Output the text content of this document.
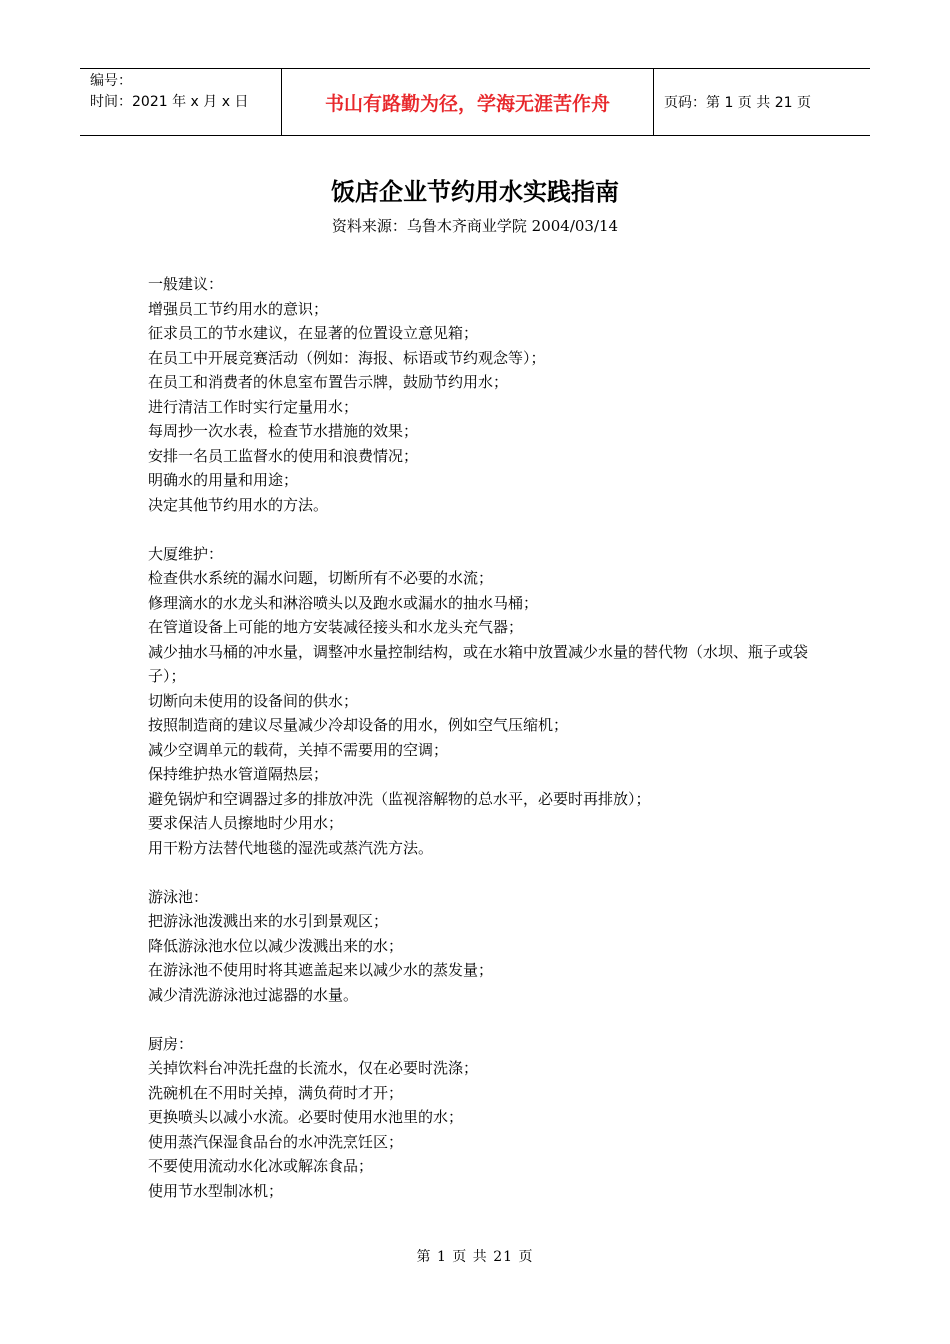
编号：
时间：2021 年 x 月 x 日	书山有路勤为径，学海无涯苦作舟	页码：第 1 页 共 21 页
饭店企业节约用水实践指南
资料来源：乌鲁木齐商业学院 2004/03/14
一般建议：
增强员工节约用水的意识；
征求员工的节水建议，在显著的位置设立意见箱；
在员工中开展竞赛活动（例如：海报、标语或节约观念等）；
在员工和消费者的休息室布置告示牌，鼓励节约用水；
进行清洁工作时实行定量用水；
每周抄一次水表，检查节水措施的效果；
安排一名员工监督水的使用和浪费情况；
明确水的用量和用途；
决定其他节约用水的方法。
大厦维护：
检查供水系统的漏水问题，切断所有不必要的水流；
修理滴水的水龙头和淋浴喷头以及跑水或漏水的抽水马桶；
在管道设备上可能的地方安装减径接头和水龙头充气器；
减少抽水马桶的冲水量，调整冲水量控制结构，或在水箱中放置减少水量的替代物（水坝、瓶子或袋子）；
切断向未使用的设备间的供水；
按照制造商的建议尽量减少冷却设备的用水，例如空气压缩机；
减少空调单元的载荷，关掉不需要用的空调；
保持维护热水管道隔热层；
避免锅炉和空调器过多的排放冲洗（监视溶解物的总水平，必要时再排放）；
要求保洁人员擦地时少用水；
用干粉方法替代地毯的湿洗或蒸汽洗方法。
游泳池：
把游泳池泼溅出来的水引到景观区；
降低游泳池水位以减少泼溅出来的水；
在游泳池不使用时将其遮盖起来以减少水的蒸发量；
减少清洗游泳池过滤器的水量。
厨房：
关掉饮料台冲洗托盘的长流水，仅在必要时洗涤；
洗碗机在不用时关掉，满负荷时才开；
更换喷头以减小水流。必要时使用水池里的水；
使用蒸汽保湿食品台的水冲洗烹饪区；
不要使用流动水化冰或解冻食品；
使用节水型制冰机；
第 1 页 共 21 页
